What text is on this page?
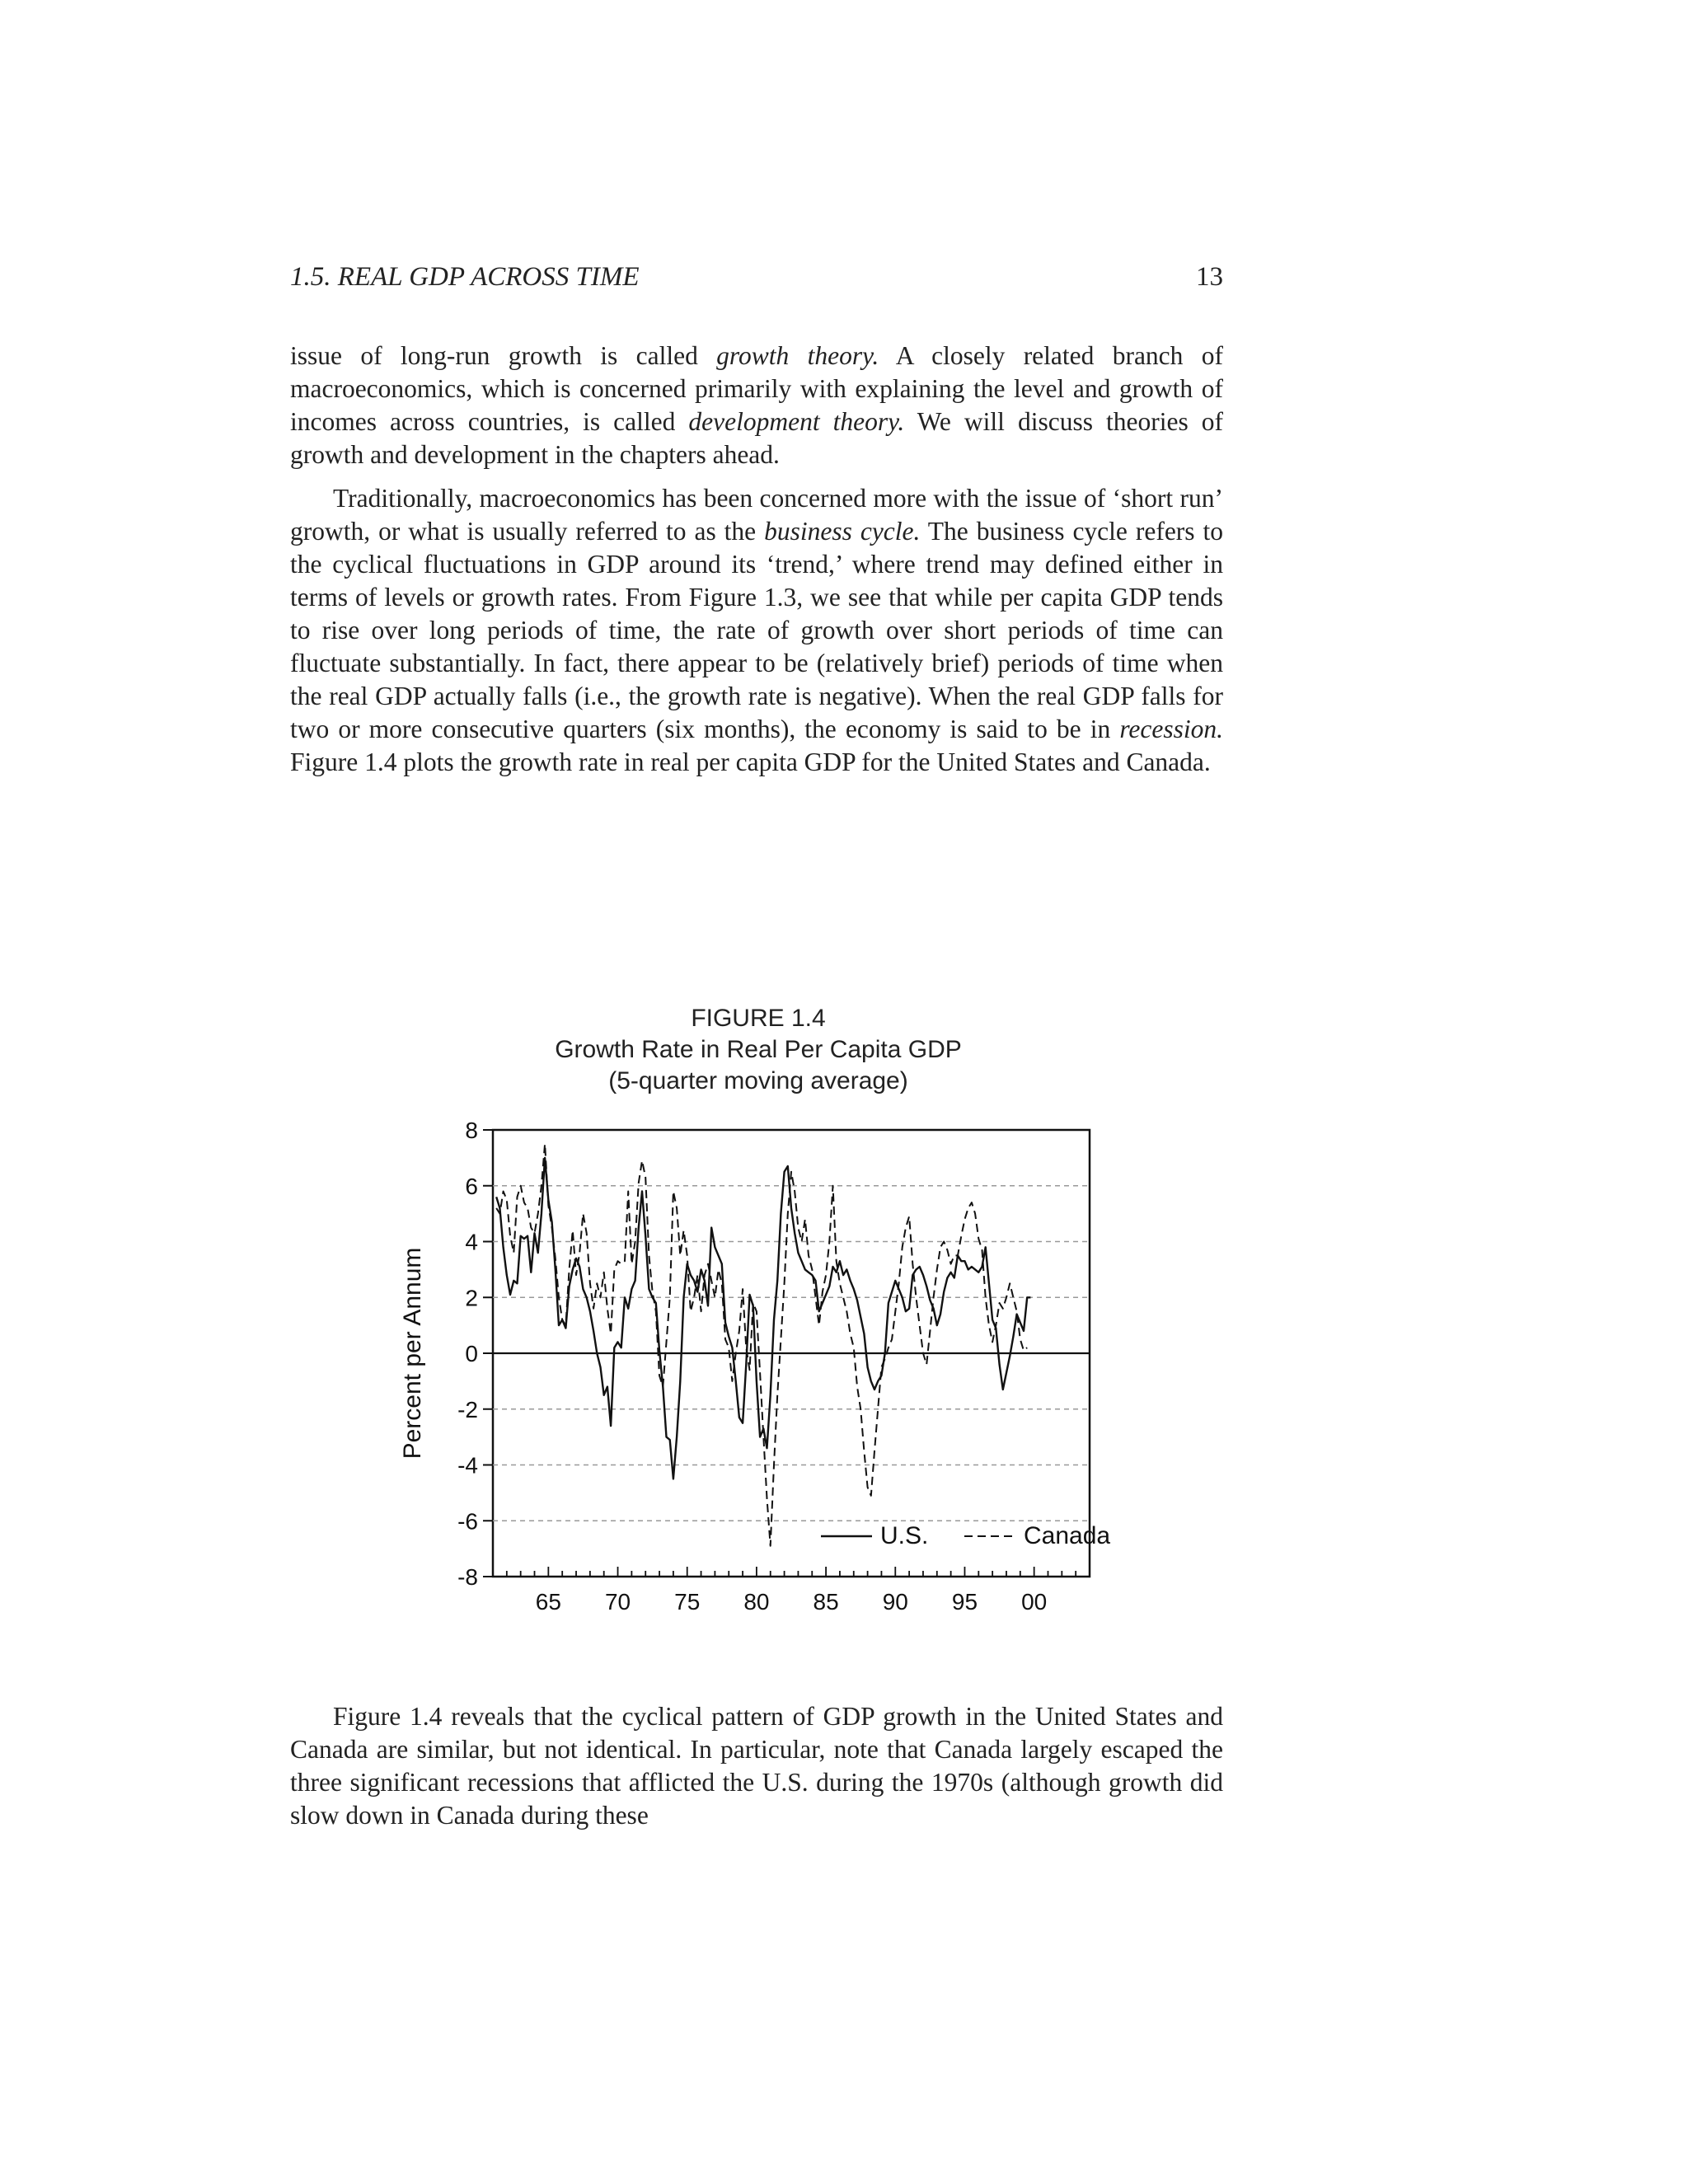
1.5. REAL GDP ACROSS TIME	13

issue of long-run growth is called growth theory. A closely related branch of macroeconomics, which is concerned primarily with explaining the level and growth of incomes across countries, is called development theory. We will discuss theories of growth and development in the chapters ahead.

Traditionally, macroeconomics has been concerned more with the issue of ‘short run’ growth, or what is usually referred to as the business cycle. The business cycle refers to the cyclical fluctuations in GDP around its ‘trend,’ where trend may defined either in terms of levels or growth rates. From Figure 1.3, we see that while per capita GDP tends to rise over long periods of time, the rate of growth over short periods of time can fluctuate substantially. In fact, there appear to be (relatively brief) periods of time when the real GDP actually falls (i.e., the growth rate is negative). When the real GDP falls for two or more consecutive quarters (six months), the economy is said to be in recession. Figure 1.4 plots the growth rate in real per capita GDP for the United States and Canada.

FIGURE 1.4
Growth Rate in Real Per Capita GDP
(5-quarter moving average)
8
6
4
2
0
-2
-4
-6
-8
Percent per Annum
65 70 75 80 85 90 95 00
U.S.	Canada

Figure 1.4 reveals that the cyclical pattern of GDP growth in the United States and Canada are similar, but not identical. In particular, note that Canada largely escaped the three significant recessions that afflicted the U.S. during the 1970s (although growth did slow down in Canada during these
